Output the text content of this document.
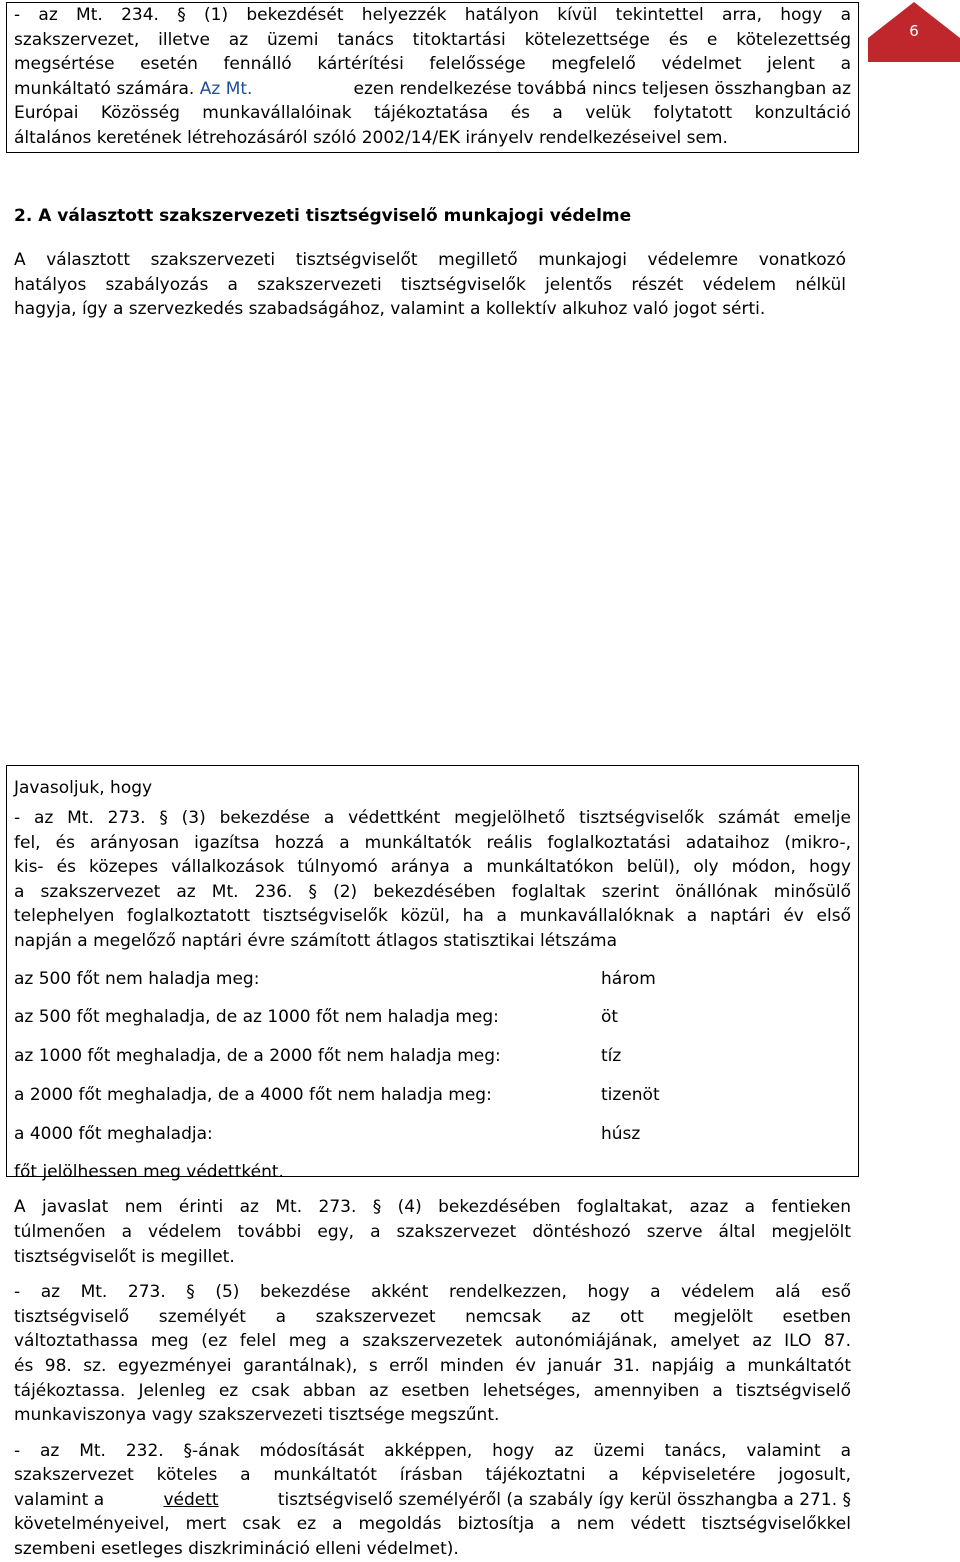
- az Mt. 234. § (1) bekezdését helyezzék hatályon kívül tekintettel arra, hogy a
szakszervezet, illetve az üzemi tanács titoktartási kötelezettsége és e kötelezettség
megsértése esetén fennálló kártérítési felelőssége megfelelő védelmet jelent a
munkáltató számára. Az Mt.	ezen rendelkezése továbbá nincs teljesen összhangban az
Európai Közösség munkavállalóinak tájékoztatása és a velük folytatott konzultáció
általános keretének létrehozásáról szóló 2002/14/EK irányelv rendelkezéseivel sem.
6
2. A választott szakszervezeti tisztségviselő munkajogi védelme
A választott szakszervezeti tisztségviselőt megillető munkajogi védelemre vonatkozó
hatályos szabályozás a szakszervezeti tisztségviselők jelentős részét védelem nélkül
hagyja, így a szervezkedés szabadságához, valamint a kollektív alkuhoz való jogot sérti.
Javasoljuk, hogy
- az Mt. 273. § (3) bekezdése a védettként megjelölhető tisztségviselők számát emelje
fel, és arányosan igazítsa hozzá a munkáltatók reális foglalkoztatási adataihoz (mikro-,
kis- és közepes vállalkozások túlnyomó aránya a munkáltatókon belül), oly módon, hogy
a szakszervezet az Mt. 236. § (2) bekezdésében foglaltak szerint önállónak minősülő
telephelyen foglalkoztatott tisztségviselők közül, ha a munkavállalóknak a naptári év első
napján a megelőző naptári évre számított átlagos statisztikai létszáma
az 500 főt nem haladja meg:	három
az 500 főt meghaladja, de az 1000 főt nem haladja meg:	öt
az 1000 főt meghaladja, de a 2000 főt nem haladja meg:	tíz
a 2000 főt meghaladja, de a 4000 főt nem haladja meg:	tizenöt
a 4000 főt meghaladja:	húsz
főt jelölhessen meg védettként.
A javaslat nem érinti az Mt. 273. § (4) bekezdésében foglaltakat, azaz a fentieken
túlmenően a védelem további egy, a szakszervezet döntéshozó szerve által megjelölt
tisztségviselőt is megillet.
- az Mt. 273. § (5) bekezdése akként rendelkezzen, hogy a védelem alá eső
tisztségviselő személyét a szakszervezet nemcsak az ott megjelölt esetben
változtathassa meg (ez felel meg a szakszervezetek autonómiájának, amelyet az ILO 87.
és 98. sz. egyezményei garantálnak), s erről minden év január 31. napjáig a munkáltatót
tájékoztassa. Jelenleg ez csak abban az esetben lehetséges, amennyiben a tisztségviselő
munkaviszonya vagy szakszervezeti tisztsége megszűnt.
- az Mt. 232. §-ának módosítását akképpen, hogy az üzemi tanács, valamint a
szakszervezet köteles a munkáltatót írásban tájékoztatni a képviseletére jogosult,
valamint a	védett	tisztségviselő személyéről (a szabály így kerül összhangba a 271. §
követelményeivel, mert csak ez a megoldás biztosítja a nem védett tisztségviselőkkel
szembeni esetleges diszkrimináció elleni védelmet).
